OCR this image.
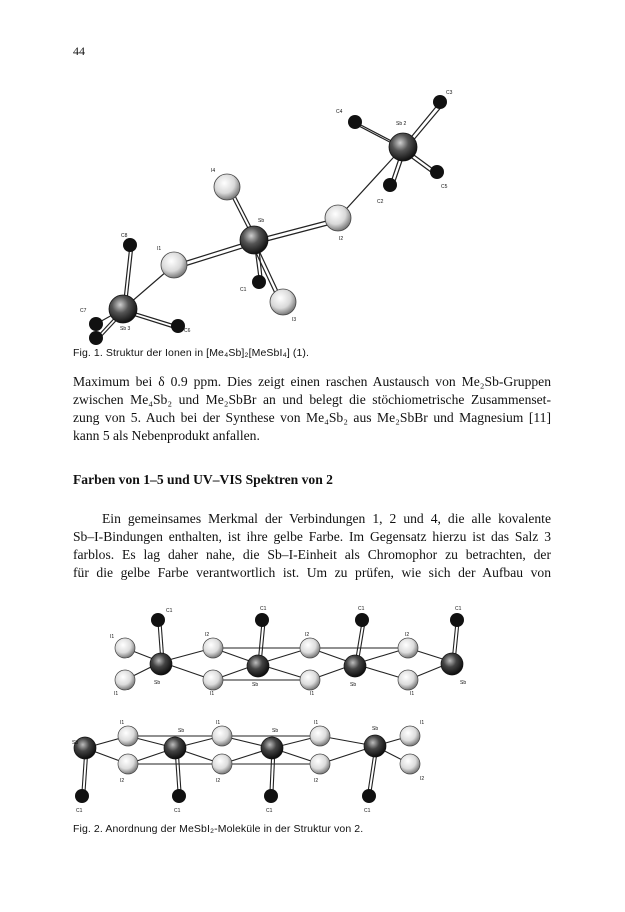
44
C4
Sb 2
C3
C5
C2
I4
Sb
I2
C8
I1
C7
Sb 3	C6
C1
I3
Fig. 1. Struktur der Ionen in [Me₄Sb]₂[MeSbI₄] (1).
Maximum bei δ 0.9 ppm. Dies zeigt einen raschen Austausch von Me₂Sb-Gruppen
zwischen Me₄Sb₂ und Me₂SbBr an und belegt die stöchiometrische Zusammenset-
zung von 5. Auch bei der Synthese von Me₄Sb₂ aus Me₂SbBr und Magnesium [11]
kann 5 als Nebenprodukt anfallen.
Farben von 1–5 und UV–VIS Spektren von 2
Ein gemeinsames Merkmal der Verbindungen 1, 2 und 4, die alle kovalente
Sb–I-Bindungen enthalten, ist ihre gelbe Farbe. Im Gegensatz hierzu ist das Salz 3
farblos. Es lag daher nahe, die Sb–I-Einheit als Chromophor zu betrachten, der
für die gelbe Farbe verantwortlich ist. Um zu prüfen, wie sich der Aufbau von
C1	C1	C1	C1
I1
I1
I2
I1
I2
I1
I2
I1
Sb	Sb	Sb	Sb
Sb
Sb	Sb	Sb
I1
I2
I1
I2
I1
I2
I1
I2
C1	C1	C1	C1
Fig. 2. Anordnung der MeSbI₂-Moleküle in der Struktur von 2.
